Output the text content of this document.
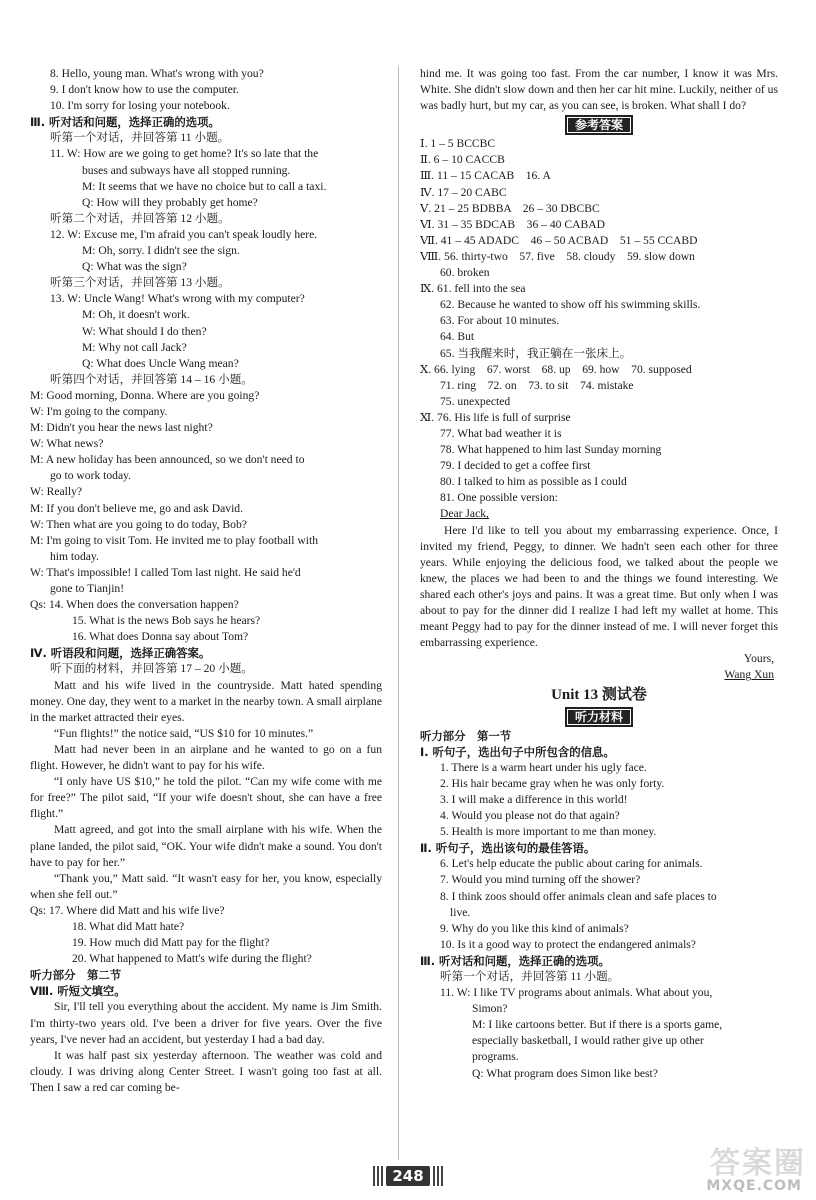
8. Hello, young man. What's wrong with you?
9. I don't know how to use the computer.
10. I'm sorry for losing your notebook.
Ⅲ. 听对话和问题，选择正确的选项。
听第一个对话，并回答第 11 小题。
11. W: How are we going to get home? It's so late that the
buses and subways have all stopped running.
M: It seems that we have no choice but to call a taxi.
Q: How will they probably get home?
听第二个对话，并回答第 12 小题。
12. W: Excuse me, I'm afraid you can't speak loudly here.
M: Oh, sorry. I didn't see the sign.
Q: What was the sign?
听第三个对话，并回答第 13 小题。
13. W: Uncle Wang! What's wrong with my computer?
M: Oh, it doesn't work.
W: What should I do then?
M: Why not call Jack?
Q: What does Uncle Wang mean?
听第四个对话，并回答第 14 – 16 小题。
M: Good morning, Donna. Where are you going?
W: I'm going to the company.
M: Didn't you hear the news last night?
W: What news?
M: A new holiday has been announced, so we don't need to
go to work today.
W: Really?
M: If you don't believe me, go and ask David.
W: Then what are you going to do today, Bob?
M: I'm going to visit Tom. He invited me to play football with
him today.
W: That's impossible! I called Tom last night. He said he'd
gone to Tianjin!
Qs: 14. When does the conversation happen?
15. What is the news Bob says he hears?
16. What does Donna say about Tom?
Ⅳ. 听语段和问题，选择正确答案。
听下面的材料，并回答第 17 – 20 小题。
Matt and his wife lived in the countryside. Matt hated spending money. One day, they went to a market in the nearby town. A small airplane in the market attracted their eyes.
“Fun flights!” the notice said, “US $10 for 10 minutes.”
Matt had never been in an airplane and he wanted to go on a fun flight. However, he didn't want to pay for his wife.
“I only have US $10,” he told the pilot. “Can my wife come with me for free?” The pilot said, “If your wife doesn't shout, she can have a free flight.”
Matt agreed, and got into the small airplane with his wife. When the plane landed, the pilot said, “OK. Your wife didn't make a sound. You don't have to pay for her.”
“Thank you,” Matt said. “It wasn't easy for her, you know, especially when she fell out.”
Qs: 17. Where did Matt and his wife live?
18. What did Matt hate?
19. How much did Matt pay for the flight?
20. What happened to Matt's wife during the flight?
听力部分　第二节
Ⅷ. 听短文填空。
Sir, I'll tell you everything about the accident. My name is Jim Smith. I'm thirty-two years old. I've been a driver for five years. Over the five years, I've never had an accident, but yesterday I had a bad day.
It was half past six yesterday afternoon. The weather was cold and cloudy. I was driving along Center Street. I wasn't going too fast at all. Then I saw a red car coming be-
hind me. It was going too fast. From the car number, I know it was Mrs. White. She didn't slow down and then her car hit mine. Luckily, neither of us was badly hurt, but my car, as you can see, is broken. What shall I do?
参考答案
Ⅰ. 1 – 5 BCCBC
Ⅱ. 6 – 10 CACCB
Ⅲ. 11 – 15 CACAB　16. A
Ⅳ. 17 – 20 CABC
Ⅴ. 21 – 25 BDBBA　26 – 30 DBCBC
Ⅵ. 31 – 35 BDCAB　36 – 40 CABAD
Ⅶ. 41 – 45 ADADC　46 – 50 ACBAD　51 – 55 CCABD
Ⅷ. 56. thirty-two　57. five　58. cloudy　59. slow down
60. broken
Ⅸ. 61. fell into the sea
62. Because he wanted to show off his swimming skills.
63. For about 10 minutes.
64. But
65. 当我醒来时，我正躺在一张床上。
Ⅹ. 66. lying　67. worst　68. up　69. how　70. supposed
71. ring　72. on　73. to sit　74. mistake
75. unexpected
Ⅺ. 76. His life is full of surprise
77. What bad weather it is
78. What happened to him last Sunday morning
79. I decided to get a coffee first
80. I talked to him as possible as I could
81. One possible version:
Dear Jack,
Here I'd like to tell you about my embarrassing experience. Once, I invited my friend, Peggy, to dinner. We hadn't seen each other for three years. While enjoying the delicious food, we talked about the people we knew, the places we had been to and the things we found interesting. We shared each other's joys and pains. It was a great time. But only when I was about to pay for the dinner did I realize I had left my wallet at home. This meant Peggy had to pay for the dinner instead of me. I will never forget this embarrassing experience.
Yours,
Wang Xun
Unit 13 测试卷
听力材料
听力部分　第一节
Ⅰ. 听句子，选出句子中所包含的信息。
1. There is a warm heart under his ugly face.
2. His hair became gray when he was only forty.
3. I will make a difference in this world!
4. Would you please not do that again?
5. Health is more important to me than money.
Ⅱ. 听句子，选出该句的最佳答语。
6. Let's help educate the public about caring for animals.
7. Would you mind turning off the shower?
8. I think zoos should offer animals clean and safe places to
live.
9. Why do you like this kind of animals?
10. Is it a good way to protect the endangered animals?
Ⅲ. 听对话和问题，选择正确的选项。
听第一个对话，并回答第 11 小题。
11. W: I like TV programs about animals. What about you,
Simon?
M: I like cartoons better. But if there is a sports game,
especially basketball, I would rather give up other
programs.
Q: What program does Simon like best?
248	答案圈
MXQE.COM
